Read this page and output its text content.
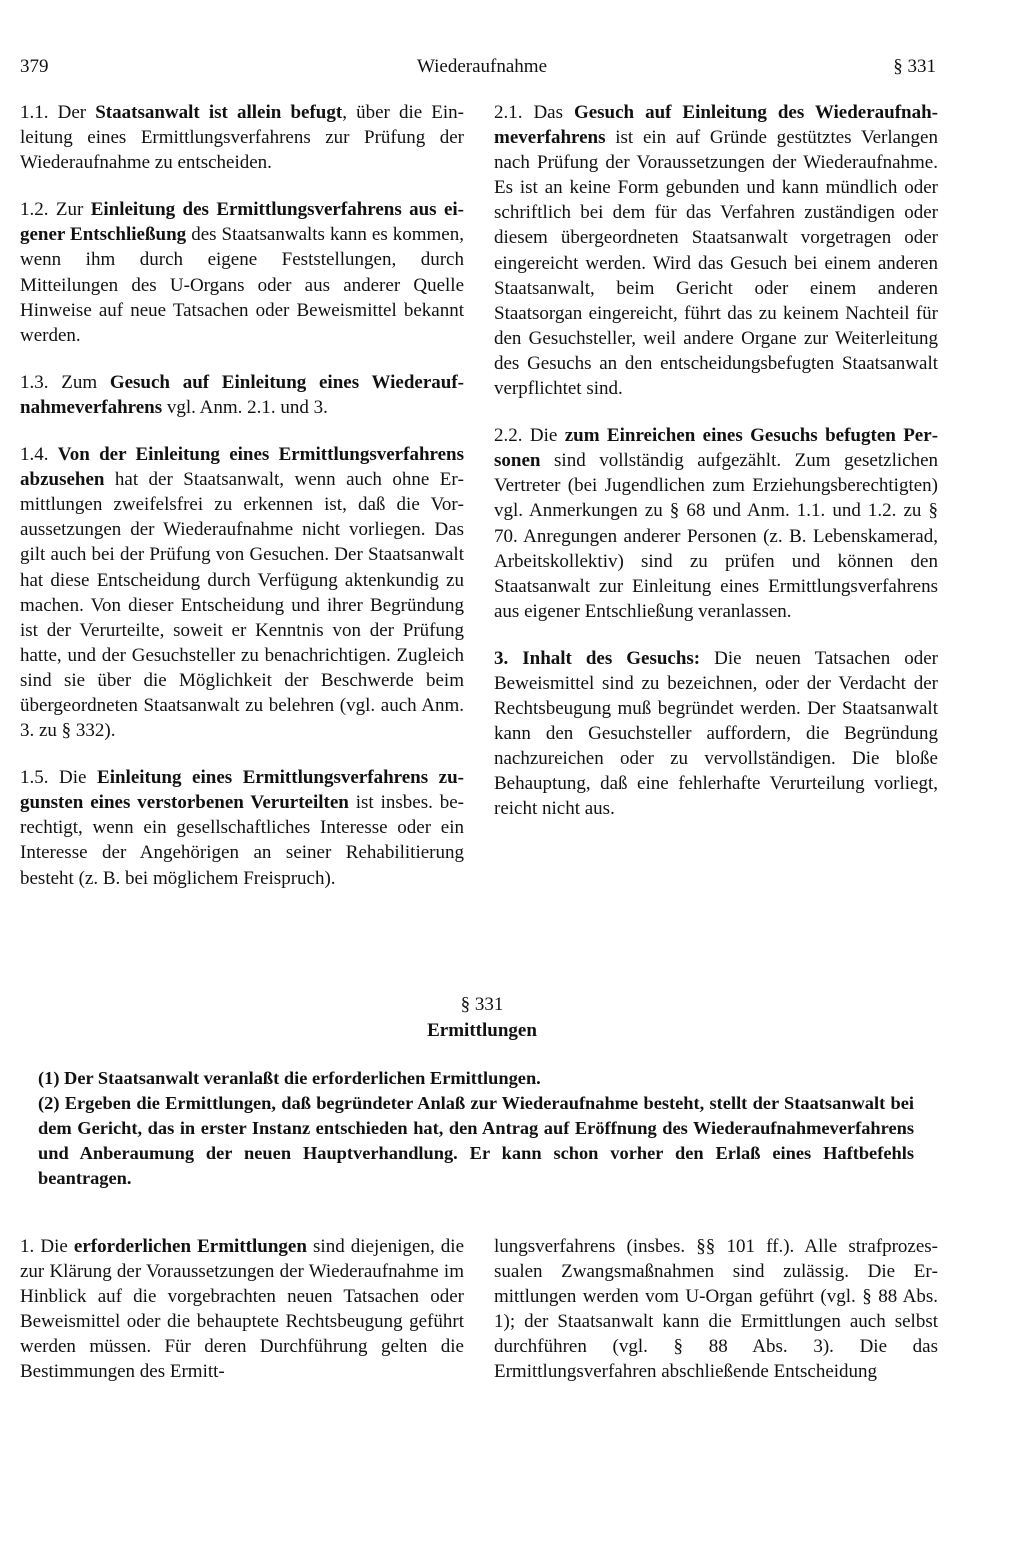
379	Wiederaufnahme	§ 331

1.1. Der Staatsanwalt ist allein befugt, über die Einleitung eines Ermittlungsverfahrens zur Prüfung der Wiederaufnahme zu entscheiden.

1.2. Zur Einleitung des Ermittlungsverfahrens aus eigener Entschließung des Staatsanwalts kann es kommen, wenn ihm durch eigene Feststellungen, durch Mitteilungen des U-Organs oder aus anderer Quelle Hinweise auf neue Tatsachen oder Beweismittel bekannt werden.

1.3. Zum Gesuch auf Einleitung eines Wiederaufnahmeverfahrens vgl. Anm. 2.1. und 3.

1.4. Von der Einleitung eines Ermittlungsverfahrens abzusehen hat der Staatsanwalt, wenn auch ohne Ermittlungen zweifelsfrei zu erkennen ist, daß die Voraussetzungen der Wiederaufnahme nicht vorliegen. Das gilt auch bei der Prüfung von Gesuchen. Der Staatsanwalt hat diese Entscheidung durch Verfügung aktenkundig zu machen. Von dieser Entscheidung und ihrer Begründung ist der Verurteilte, soweit er Kenntnis von der Prüfung hatte, und der Gesuchsteller zu benachrichtigen. Zugleich sind sie über die Möglichkeit der Beschwerde beim übergeordneten Staatsanwalt zu belehren (vgl. auch Anm. 3. zu § 332).

1.5. Die Einleitung eines Ermittlungsverfahrens zugunsten eines verstorbenen Verurteilten ist insbes. berechtigt, wenn ein gesellschaftliches Interesse oder ein Interesse der Angehörigen an seiner Rehabilitierung besteht (z. B. bei möglichem Freispruch).

2.1. Das Gesuch auf Einleitung des Wiederaufnahmeverfahrens ist ein auf Gründe gestütztes Verlangen nach Prüfung der Voraussetzungen der Wiederaufnahme. Es ist an keine Form gebunden und kann mündlich oder schriftlich bei dem für das Verfahren zuständigen oder diesem übergeordneten Staatsanwalt vorgetragen oder eingereicht werden. Wird das Gesuch bei einem anderen Staatsanwalt, beim Gericht oder einem anderen Staatsorgan eingereicht, führt das zu keinem Nachteil für den Gesuchsteller, weil andere Organe zur Weiterleitung des Gesuchs an den entscheidungsbefugten Staatsanwalt verpflichtet sind.

2.2. Die zum Einreichen eines Gesuchs befugten Personen sind vollständig aufgezählt. Zum gesetzlichen Vertreter (bei Jugendlichen zum Erziehungsberechtigten) vgl. Anmerkungen zu § 68 und Anm. 1.1. und 1.2. zu § 70. Anregungen anderer Personen (z. B. Lebenskamerad, Arbeitskollektiv) sind zu prüfen und können den Staatsanwalt zur Einleitung eines Ermittlungsverfahrens aus eigener Entschließung veranlassen.

3. Inhalt des Gesuchs: Die neuen Tatsachen oder Beweismittel sind zu bezeichnen, oder der Verdacht der Rechtsbeugung muß begründet werden. Der Staatsanwalt kann den Gesuchsteller auffordern, die Begründung nachzureichen oder zu vervollständigen. Die bloße Behauptung, daß eine fehlerhafte Verurteilung vorliegt, reicht nicht aus.

§ 331
Ermittlungen

(1) Der Staatsanwalt veranlaßt die erforderlichen Ermittlungen.

(2) Ergeben die Ermittlungen, daß begründeter Anlaß zur Wiederaufnahme besteht, stellt der Staatsanwalt bei dem Gericht, das in erster Instanz entschieden hat, den Antrag auf Eröffnung des Wiederaufnahmeverfahrens und Anberaumung der neuen Hauptverhandlung. Er kann schon vorher den Erlaß eines Haftbefehls beantragen.

1. Die erforderlichen Ermittlungen sind diejenigen, die zur Klärung der Voraussetzungen der Wiederaufnahme im Hinblick auf die vorgebrachten neuen Tatsachen oder Beweismittel oder die behauptete Rechtsbeugung geführt werden müssen. Für deren Durchführung gelten die Bestimmungen des Ermitt-

lungsverfahrens (insbes. §§ 101 ff.). Alle strafprozessualen Zwangsmaßnahmen sind zulässig. Die Ermittlungen werden vom U-Organ geführt (vgl. § 88 Abs. 1); der Staatsanwalt kann die Ermittlungen auch selbst durchführen (vgl. § 88 Abs. 3). Die das Ermittlungsverfahren abschließende Entscheidung
